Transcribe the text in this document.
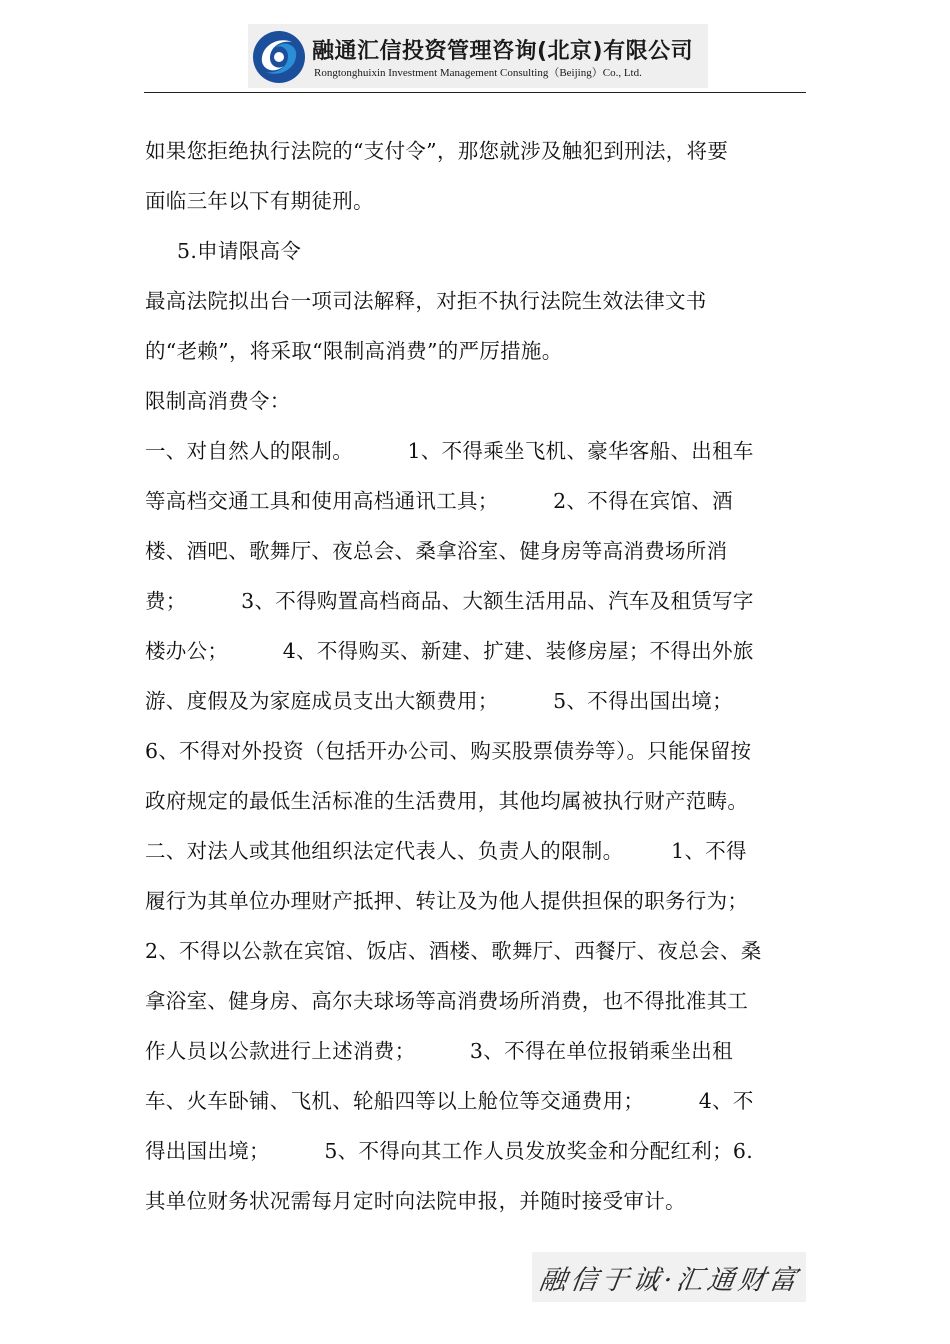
融通汇信投资管理咨询(北京)有限公司
Rongtonghuixin Investment Management Consulting（Beijing）Co., Ltd.
如果您拒绝执行法院的“支付令”，那您就涉及触犯到刑法，将要
面临三年以下有期徒刑。
5.申请限高令
最高法院拟出台一项司法解释，对拒不执行法院生效法律文书
的“老赖”，将采取“限制高消费”的严厉措施。
限制高消费令：
一、对自然人的限制。        1、不得乘坐飞机、豪华客船、出租车
等高档交通工具和使用高档通讯工具；        2、不得在宾馆、酒
楼、酒吧、歌舞厅、夜总会、桑拿浴室、健身房等高消费场所消
费；        3、不得购置高档商品、大额生活用品、汽车及租赁写字
楼办公；        4、不得购买、新建、扩建、装修房屋；不得出外旅
游、度假及为家庭成员支出大额费用；        5、不得出国出境；
6、不得对外投资（包括开办公司、购买股票债券等）。只能保留按
政府规定的最低生活标准的生活费用，其他均属被执行财产范畴。
二、对法人或其他组织法定代表人、负责人的限制。       1、不得
履行为其单位办理财产抵押、转让及为他人提供担保的职务行为；
2、不得以公款在宾馆、饭店、酒楼、歌舞厅、西餐厅、夜总会、桑
拿浴室、健身房、高尔夫球场等高消费场所消费，也不得批准其工
作人员以公款进行上述消费；        3、不得在单位报销乘坐出租
车、火车卧铺、飞机、轮船四等以上舱位等交通费用；        4、不
得出国出境；        5、不得向其工作人员发放奖金和分配红利；6.
其单位财务状况需每月定时向法院申报，并随时接受审计。
融信于诚·汇通财富
